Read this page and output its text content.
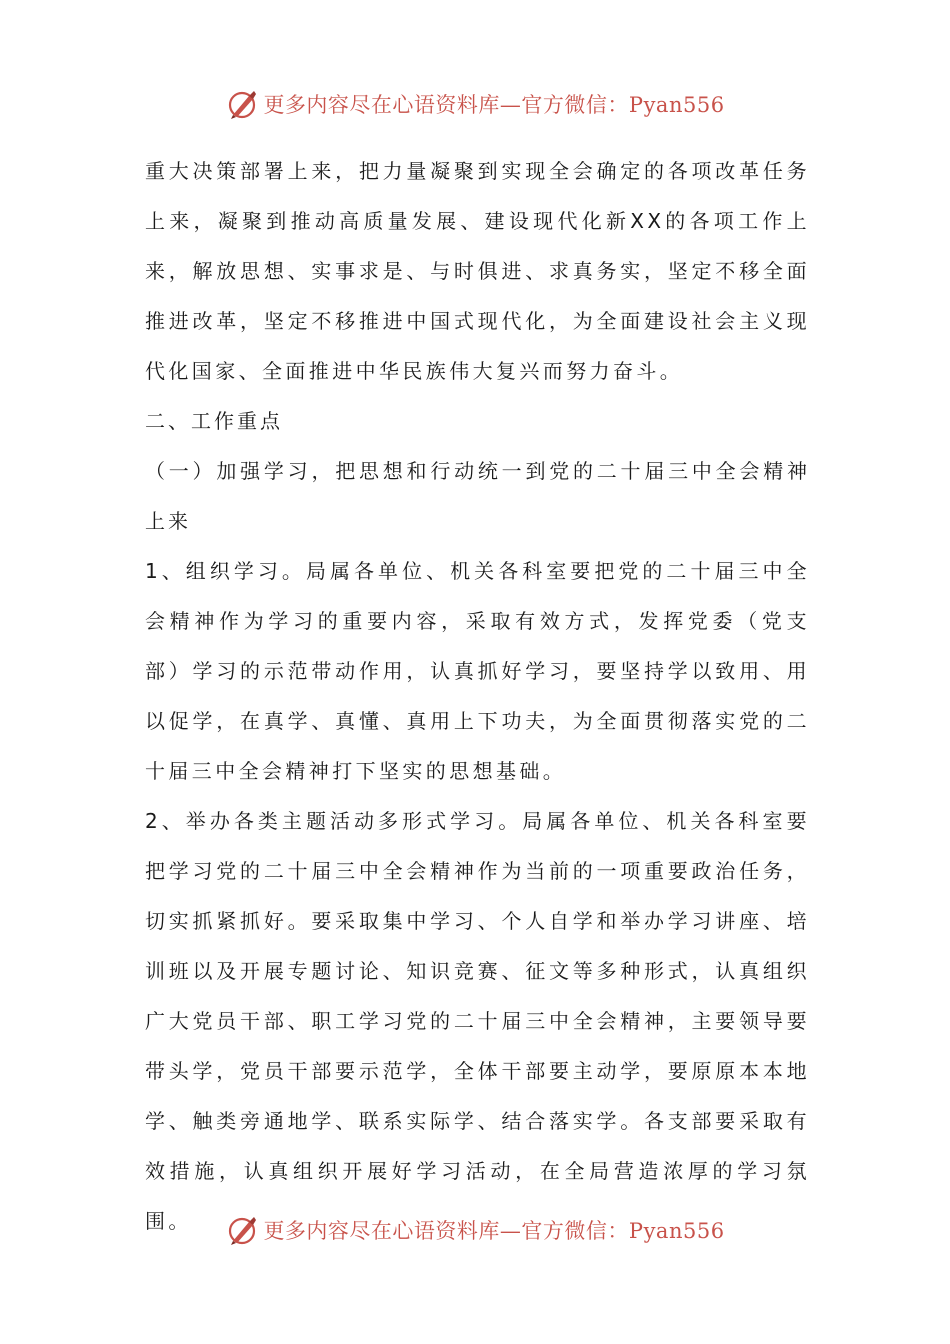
更多内容尽在心语资料库—官方微信：Pyan556

重大决策部署上来，把力量凝聚到实现全会确定的各项改革任务上来，凝聚到推动高质量发展、建设现代化新XX的各项工作上来，解放思想、实事求是、与时俱进、求真务实，坚定不移全面推进改革，坚定不移推进中国式现代化，为全面建设社会主义现代化国家、全面推进中华民族伟大复兴而努力奋斗。

二、工作重点

（一）加强学习，把思想和行动统一到党的二十届三中全会精神上来

1、组织学习。局属各单位、机关各科室要把党的二十届三中全会精神作为学习的重要内容，采取有效方式，发挥党委（党支部）学习的示范带动作用，认真抓好学习，要坚持学以致用、用以促学，在真学、真懂、真用上下功夫，为全面贯彻落实党的二十届三中全会精神打下坚实的思想基础。

2、举办各类主题活动多形式学习。局属各单位、机关各科室要把学习党的二十届三中全会精神作为当前的一项重要政治任务，切实抓紧抓好。要采取集中学习、个人自学和举办学习讲座、培训班以及开展专题讨论、知识竞赛、征文等多种形式，认真组织广大党员干部、职工学习党的二十届三中全会精神，主要领导要带头学，党员干部要示范学，全体干部要主动学，要原原本本地学、触类旁通地学、联系实际学、结合落实学。各支部要采取有效措施，认真组织开展好学习活动，在全局营造浓厚的学习氛围。	更多内容尽在心语资料库—官方微信：Pyan556
